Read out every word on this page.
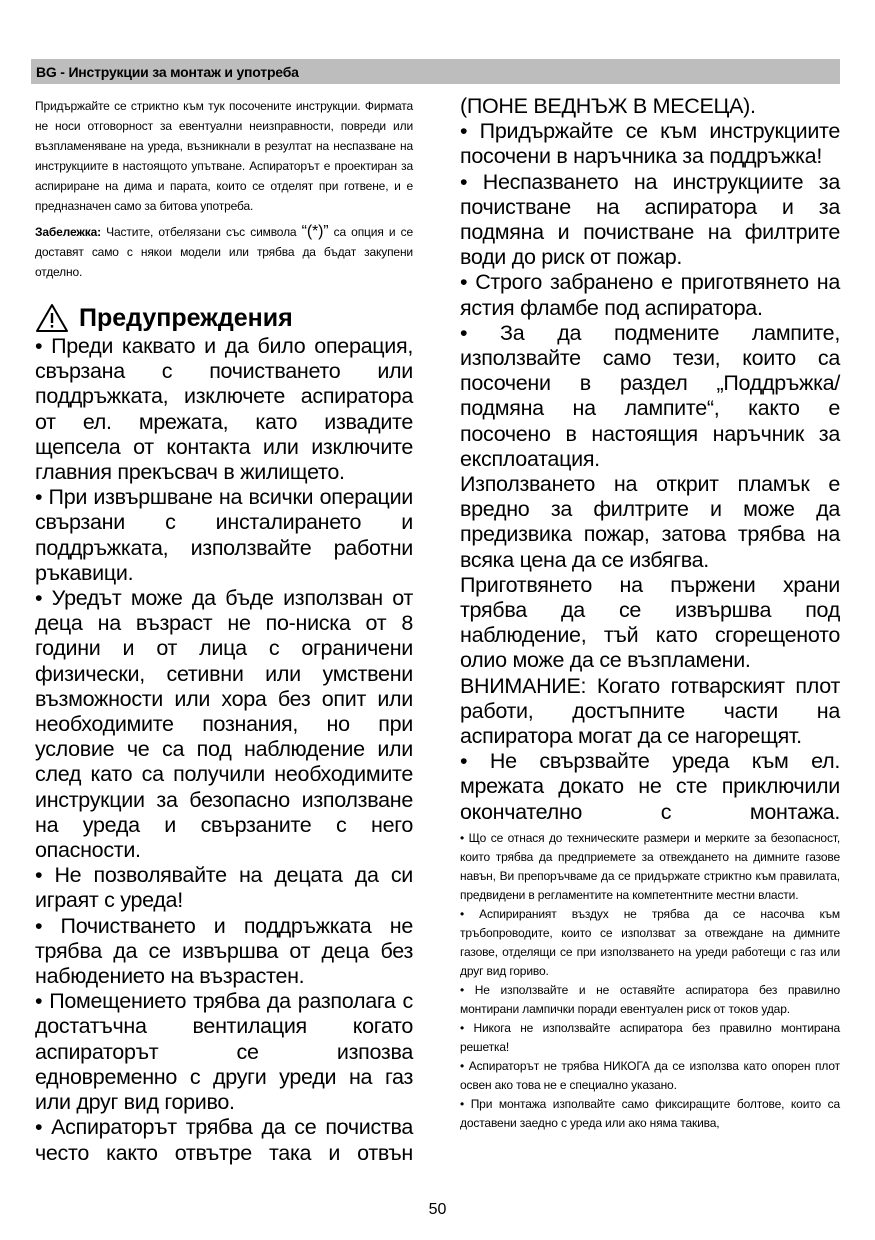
BG - Инструкции за монтаж и употреба

Придържайте се стриктно към тук посочените инструкции. Фирмата не носи отговорност за евентуални неизправности, повреди или възпламеняване на уреда, възникнали в резултат на неспазване на инструкциите в настоящото упътване. Аспираторът е проектиран за аспириране на дима и парата, които се отделят при готвене, и е предназначен само за битова употреба.

Забележка: Частите, отбелязани със символа “(*)” са опция и се доставят само с някои модели или трябва да бъдат закупени отделно.

Предупреждения

• Преди каквато и да било операция, свързана с почистването или поддръжката, изключете аспиратора от ел. мрежата, като извадите щепсела от контакта или изключите главния прекъсвач в жилището.

• При извършване на всички операции свързани с инсталирането и поддръжката, използвайте работни ръкавици.

• Уредът може да бъде използван от деца на възраст не по-ниска от 8 години и от лица с ограничени физически, сетивни или умствени възможности или хора без опит или необходимите познания, но при условие че са под наблюдение или след като са получили необходимите инструкции за безопасно използване на уреда и свързаните с него опасности.

• Не позволявайте на децата да си играят с уреда!

• Почистването и поддръжката не трябва да се извършва от деца без набюдението на възрастен.

• Помещението трябва да разполага с достатъчна вентилация когато аспираторът се изпозва едновременно с други уреди на газ или друг вид гориво.

• Аспираторът трябва да се почиства често както отвътре така и отвън

(ПОНЕ ВЕДНЪЖ В МЕСЕЦА).

• Придържайте се към инструкциите посочени в наръчника за поддръжка!

• Неспазването на инструкциите за почистване на аспиратора и за подмяна и почистване на филтрите води до риск от пожар.

• Строго забранено е приготвянето на ястия фламбе под аспиратора.

• За да подмените лампите, използвайте само тези, които са посочени в раздел „Поддръжка/подмяна на лампите“, както е посочено в настоящия наръчник за експлоатация.

Използването на открит пламък е вредно за филтрите и може да предизвика пожар, затова трябва на всяка цена да се избягва.

Приготвянето на пържени храни трябва да се извършва под наблюдение, тъй като сгорещеното олио може да се възпламени.

ВНИМАНИЕ: Когато готварският плот работи, достъпните части на аспиратора могат да се нагорещят.

• Не свързвайте уреда към ел. мрежата докато не сте приключили окончателно с монтажа.

• Що се отнася до техническите размери и мерките за безопасност, които трябва да предприемете за отвеждането на димните газове навън, Ви препоръчваме да се придържате стриктно към правилата, предвидени в регламентите на компетентните местни власти.

• Аспирираният въздух не трябва да се насочва към тръбопроводите, които се използват за отвеждане на димните газове, отделящи се при използването на уреди работещи с газ или друг вид гориво.

• Не използвайте и не оставяйте аспиратора без правилно монтирани лампички поради евентуален риск от токов удар.

• Никога не използвайте аспиратора без правилно монтирана решетка!

• Аспираторът не трябва НИКОГА да се използва като опорен плот освен ако това не е специално указано.

• При монтажа изполвайте само фиксиращите болтове, които са доставени заедно с уреда или ако няма такива,

50
